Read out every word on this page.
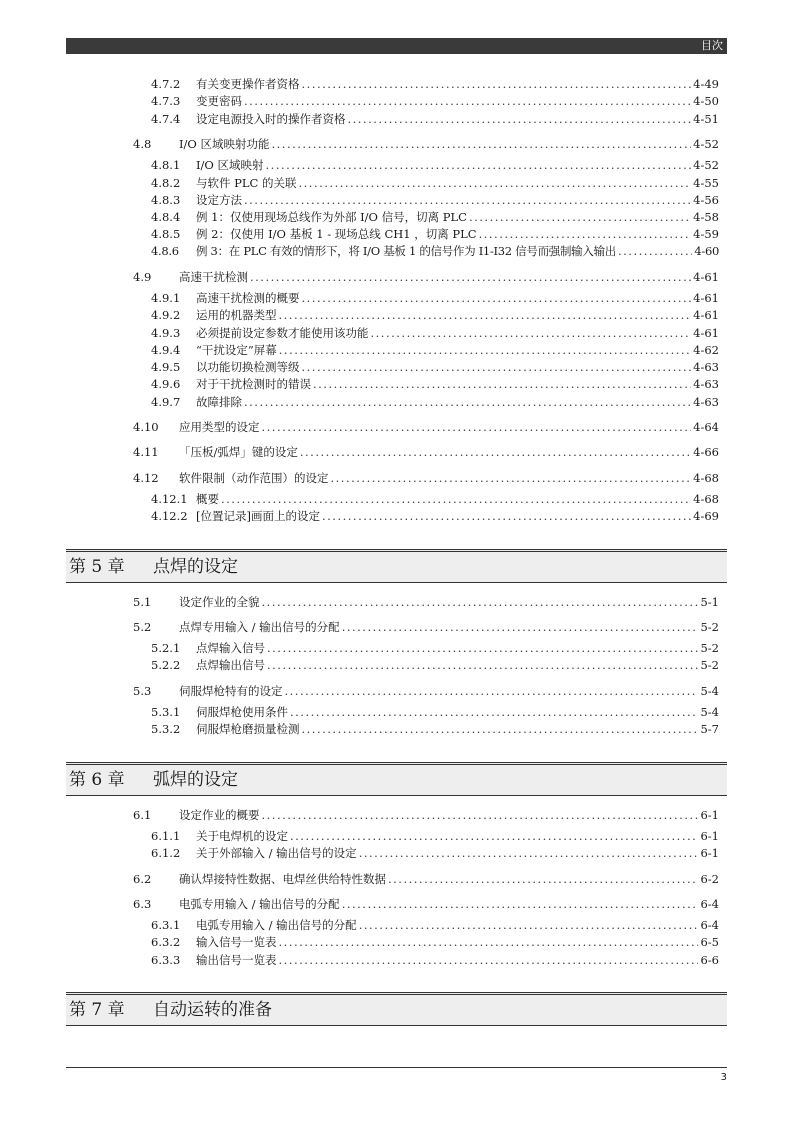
目次
4.7.2	有关变更操作者资格 .....	4-49
4.7.3	变更密码 .....	4-50
4.7.4	设定电源投入时的操作者资格 .....	4-51
4.8	I/O 区域映射功能 .....	4-52
4.8.1	I/O 区域映射 .....	4-52
4.8.2	与软件 PLC 的关联 .....	4-55
4.8.3	设定方法 .....	4-56
4.8.4	例 1：仅使用现场总线作为外部 I/O 信号，切离 PLC .....	4-58
4.8.5	例 2：仅使用 I/O 基板 1 - 现场总线 CH1 ，切离 PLC .....	4-59
4.8.6	例 3：在 PLC 有效的情形下，将 I/O 基板 1 的信号作为 I1-I32 信号而强制输入输出 .....	4-60
4.9	高速干扰检测 .....	4-61
4.9.1	高速干扰检测的概要 .....	4-61
4.9.2	运用的机器类型 .....	4-61
4.9.3	必须提前设定参数才能使用该功能 .....	4-61
4.9.4	“干扰设定”屏幕 .....	4-62
4.9.5	以功能切换检测等级 .....	4-63
4.9.6	对于干扰检测时的错误 .....	4-63
4.9.7	故障排除 .....	4-63
4.10	应用类型的设定 .....	4-64
4.11	「压板/弧焊」键的设定 .....	4-66
4.12	软件限制（动作范围）的设定 .....	4-68
4.12.1 概要 .....	4-68
4.12.2 [位置记录]画面上的设定 .....	4-69
第 5 章 点焊的设定
5.1	设定作业的全貌 .....	5-1
5.2	点焊专用输入 / 输出信号的分配 .....	5-2
5.2.1	点焊输入信号 .....	5-2
5.2.2	点焊输出信号 .....	5-2
5.3	伺服焊枪特有的设定 .....	5-4
5.3.1	伺服焊枪使用条件 .....	5-4
5.3.2	伺服焊枪磨损量检测 .....	5-7
第 6 章 弧焊的设定
6.1	设定作业的概要 .....	6-1
6.1.1	关于电焊机的设定 .....	6-1
6.1.2	关于外部输入 / 输出信号的设定 .....	6-1
6.2	确认焊接特性数据、电焊丝供给特性数据 .....	6-2
6.3	电弧专用输入 / 输出信号的分配 .....	6-4
6.3.1	电弧专用输入 / 输出信号的分配 .....	6-4
6.3.2	输入信号一览表 .....	6-5
6.3.3	输出信号一览表 .....	6-6
第 7 章 自动运转的准备
3
